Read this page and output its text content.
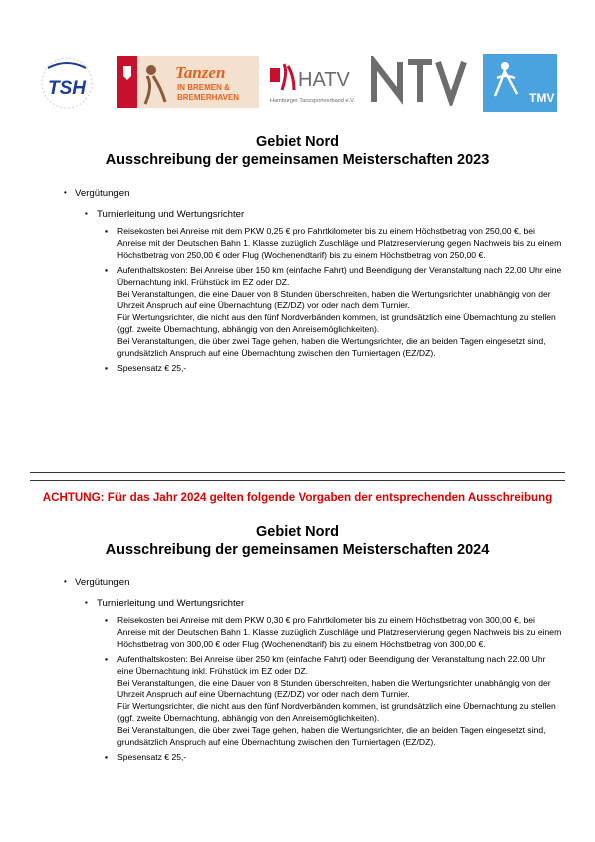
TSH
Tanzen
IN BREMEN &
BREMERHAVEN
HATV
Hamburger Tanzsportverband e.V.	TMV
Gebiet Nord
Ausschreibung der gemeinsamen Meisterschaften 2023
• Vergütungen
▪ Turnierleitung und Wertungsrichter
▪ Reisekosten bei Anreise mit dem PKW 0,25 € pro Fahrtkilometer bis zu einem Höchstbetrag von 250,00 €, bei Anreise mit der Deutschen Bahn 1. Klasse zuzüglich Zuschläge und Platzreservierung gegen Nachweis bis zu einem Höchstbetrag von 250,00 € oder Flug (Wochenendtarif) bis zu einem Höchstbetrag von 250,00 €.

▪ Aufenthaltskosten: Bei Anreise über 150 km (einfache Fahrt) und Beendigung der Veranstaltung nach 22.00 Uhr eine Übernachtung inkl. Frühstück im EZ oder DZ.

Bei Veranstaltungen, die eine Dauer von 8 Stunden überschreiten, haben die Wertungsrichter unabhängig von der Uhrzeit Anspruch auf eine Übernachtung (EZ/DZ) vor oder nach dem Turnier.

Für Wertungsrichter, die nicht aus den fünf Nordverbänden kommen, ist grundsätzlich eine Übernachtung zu stellen (ggf. zweite Übernachtung, abhängig von den Anreisemöglichkeiten).

Bei Veranstaltungen, die über zwei Tage gehen, haben die Wertungsrichter, die an beiden Tagen eingesetzt sind, grundsätzlich Anspruch auf eine Übernachtung zwischen den Turniertagen (EZ/DZ).

▪ Spesensatz € 25,-

ACHTUNG: Für das Jahr 2024 gelten folgende Vorgaben der entsprechenden Ausschreibung
Gebiet Nord
Ausschreibung der gemeinsamen Meisterschaften 2024
• Vergütungen
▪ Turnierleitung und Wertungsrichter
▪ Reisekosten bei Anreise mit dem PKW 0,30 € pro Fahrtkilometer bis zu einem Höchstbetrag von 300,00 €, bei Anreise mit der Deutschen Bahn 1. Klasse zuzüglich Zuschläge und Platzreservierung gegen Nachweis bis zu einem Höchstbetrag von 300,00 € oder Flug (Wochenendtarif) bis zu einem Höchstbetrag von 300,00 €.

▪ Aufenthaltskosten: Bei Anreise über 250 km (einfache Fahrt) oder Beendigung der Veranstaltung nach 22.00 Uhr eine Übernachtung inkl. Frühstück im EZ oder DZ.

Bei Veranstaltungen, die eine Dauer von 8 Stunden überschreiten, haben die Wertungsrichter unabhängig von der Uhrzeit Anspruch auf eine Übernachtung (EZ/DZ) vor oder nach dem Turnier.

Für Wertungsrichter, die nicht aus den fünf Nordverbänden kommen, ist grundsätzlich eine Übernachtung zu stellen (ggf. zweite Übernachtung, abhängig von den Anreisemöglichkeiten).

Bei Veranstaltungen, die über zwei Tage gehen, haben die Wertungsrichter, die an beiden Tagen eingesetzt sind, grundsätzlich Anspruch auf eine Übernachtung zwischen den Turniertagen (EZ/DZ).

▪ Spesensatz € 25,-
